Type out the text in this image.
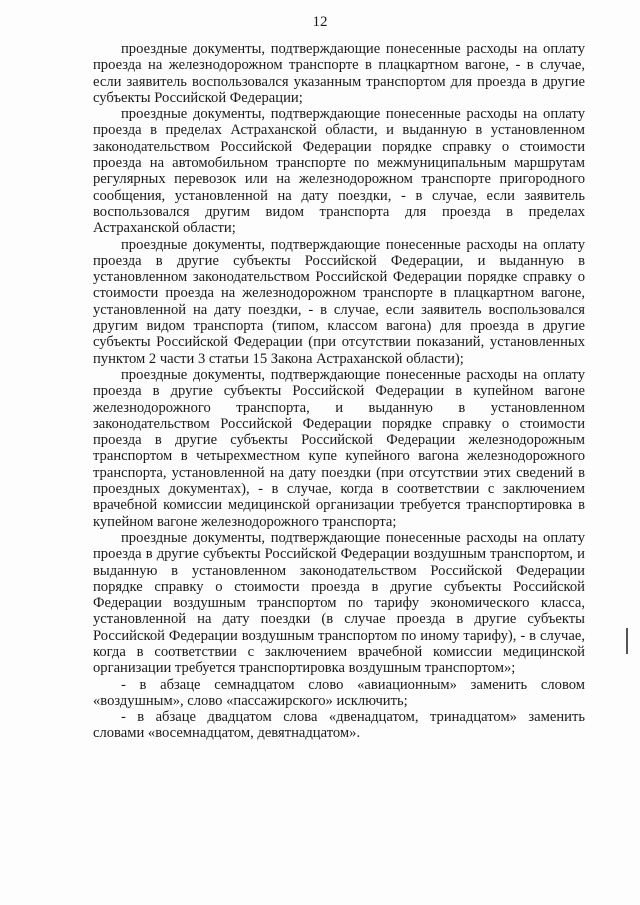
12

проездные документы, подтверждающие понесенные расходы на оплату проезда на железнодорожном транспорте в плацкартном вагоне, - в случае, если заявитель воспользовался указанным транспортом для проезда в другие субъекты Российской Федерации;

проездные документы, подтверждающие понесенные расходы на оплату проезда в пределах Астраханской области, и выданную в установленном законодательством Российской Федерации порядке справку о стоимости проезда на автомобильном транспорте по межмуниципальным маршрутам регулярных перевозок или на железнодорожном транспорте пригородного сообщения, установленной на дату поездки, - в случае, если заявитель воспользовался другим видом транспорта для проезда в пределах Астраханской области;

проездные документы, подтверждающие понесенные расходы на оплату проезда в другие субъекты Российской Федерации, и выданную в установленном законодательством Российской Федерации порядке справку о стоимости проезда на железнодорожном транспорте в плацкартном вагоне, установленной на дату поездки, - в случае, если заявитель воспользовался другим видом транспорта (типом, классом вагона) для проезда в другие субъекты Российской Федерации (при отсутствии показаний, установленных пунктом 2 части 3 статьи 15 Закона Астраханской области);

проездные документы, подтверждающие понесенные расходы на оплату проезда в другие субъекты Российской Федерации в купейном вагоне железнодорожного транспорта, и выданную в установленном законодательством Российской Федерации порядке справку о стоимости проезда в другие субъекты Российской Федерации железнодорожным транспортом в четырехместном купе купейного вагона железнодорожного транспорта, установленной на дату поездки (при отсутствии этих сведений в проездных документах), - в случае, когда в соответствии с заключением врачебной комиссии медицинской организации требуется транспортировка в купейном вагоне железнодорожного транспорта;

проездные документы, подтверждающие понесенные расходы на оплату проезда в другие субъекты Российской Федерации воздушным транспортом, и выданную в установленном законодательством Российской Федерации порядке справку о стоимости проезда в другие субъекты Российской Федерации воздушным транспортом по тарифу экономического класса, установленной на дату поездки (в случае проезда в другие субъекты Российской Федерации воздушным транспортом по иному тарифу), - в случае, когда в соответствии с заключением врачебной комиссии медицинской организации требуется транспортировка воздушным транспортом»;

- в абзаце семнадцатом слово «авиационным» заменить словом «воздушным», слово «пассажирского» исключить;

- в абзаце двадцатом слова «двенадцатом, тринадцатом» заменить словами «восемнадцатом, девятнадцатом».
